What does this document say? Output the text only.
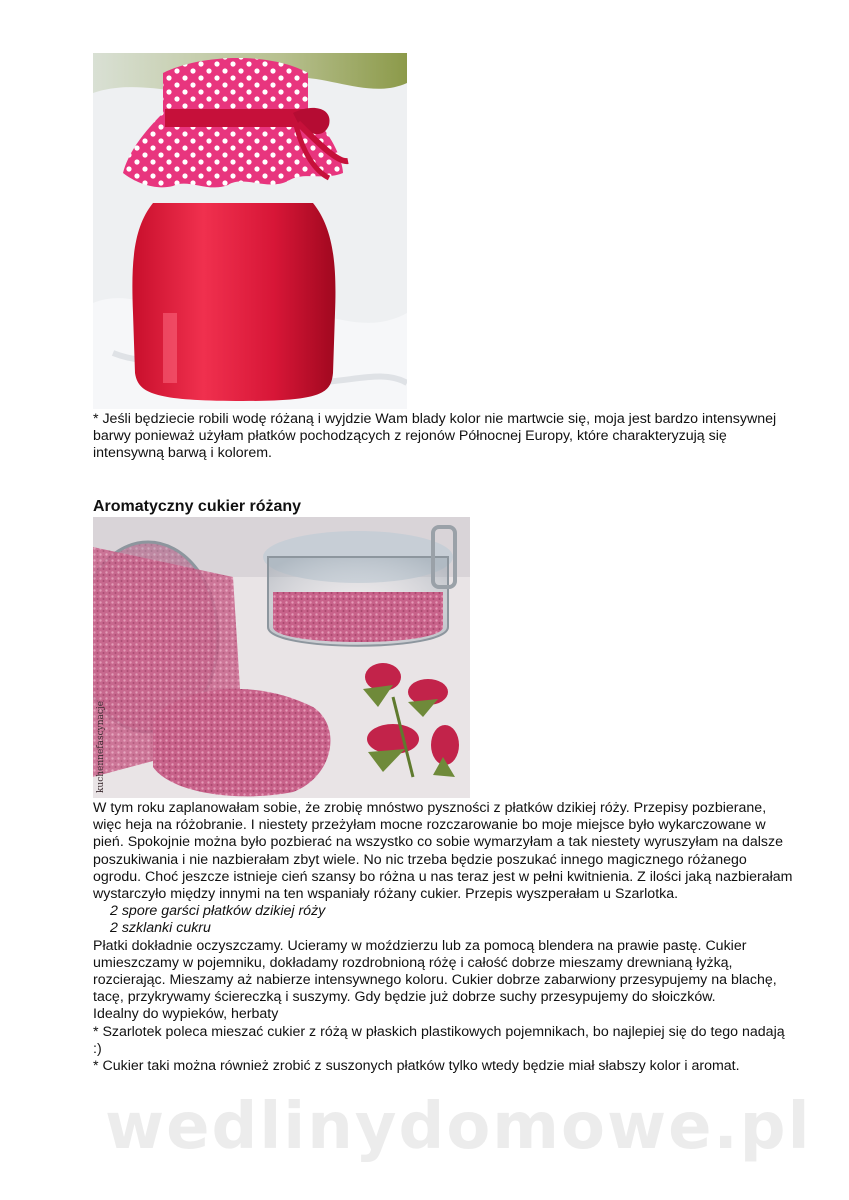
* Jeśli będziecie robili wodę różaną i wyjdzie Wam blady kolor nie martwcie się, moja jest bardzo intensywnej barwy ponieważ użyłam płatków pochodzących z rejonów Północnej Europy, które charakteryzują się intensywną barwą i kolorem.

Aromatyczny cukier różany
kuchennefascynacje

W tym roku zaplanowałam sobie, że zrobię mnóstwo pyszności z płatków dzikiej róży. Przepisy pozbierane, więc heja na różobranie. I niestety przeżyłam mocne rozczarowanie bo moje miejsce było wykarczowane w pień. Spokojnie można było pozbierać na wszystko co sobie wymarzyłam a tak niestety wyruszyłam na dalsze poszukiwania i nie nazbierałam zbyt wiele. No nic trzeba będzie poszukać innego magicznego różanego ogrodu. Choć jeszcze istnieje cień szansy bo różna u nas teraz jest w pełni kwitnienia. Z ilości jaką nazbierałam wystarczyło między innymi na ten wspaniały różany cukier. Przepis wyszperałam u Szarlotka.

2 spore garści płatków dzikiej róży
2 szklanki cukru

Płatki dokładnie oczyszczamy. Ucieramy w moździerzu lub za pomocą blendera na prawie pastę. Cukier umieszczamy w pojemniku, dokładamy rozdrobnioną różę i całość dobrze mieszamy drewnianą łyżką, rozcierając. Mieszamy aż nabierze intensywnego koloru. Cukier dobrze zabarwiony przesypujemy na blachę, tacę, przykrywamy ściereczką i suszymy. Gdy będzie już dobrze suchy przesypujemy do słoiczków.

Idealny do wypieków, herbaty

* Szarlotek poleca mieszać cukier z różą w płaskich plastikowych pojemnikach, bo najlepiej się do tego nadają :)

* Cukier taki można również zrobić z suszonych płatków tylko wtedy będzie miał słabszy kolor i aromat.

wedlinydomowe.pl
